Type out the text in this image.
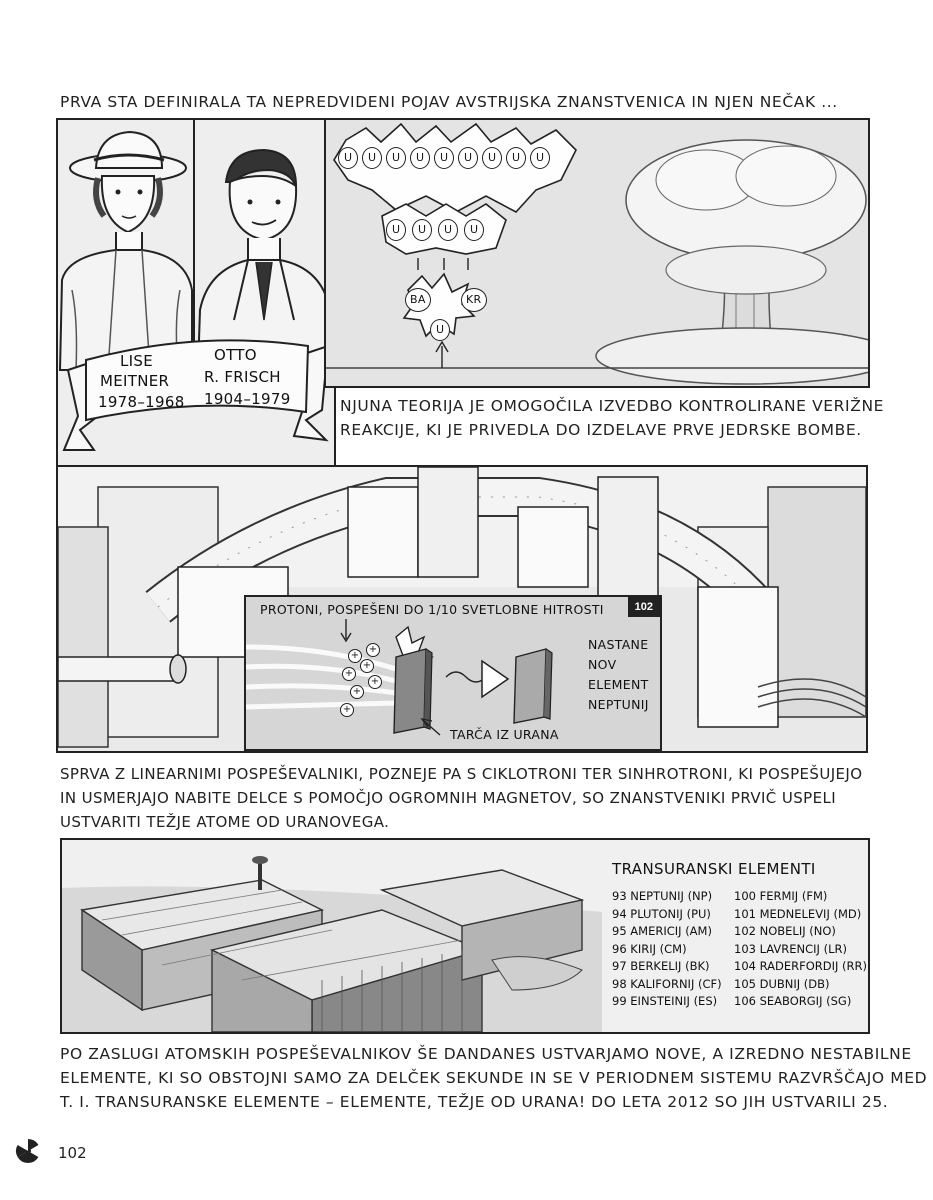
PRVA STA DEFINIRALA TA NEPREDVIDENI POJAV AVSTRIJSKA ZNANSTVENICA IN NJEN NEČAK ...
LISE
MEITNER
1978–1968
OTTO
R. FRISCH
1904–1979
U	U	U	U	U	U	U	U	U
U	U	U	U
U
BA	KR
NJUNA TEORIJA JE OMOGOČILA IZVEDBO KONTROLIRANE VERIŽNE
REAKCIJE, KI JE PRIVEDLA DO IZDELAVE PRVE JEDRSKE BOMBE.
PROTONI, POSPEŠENI DO 1/10 SVETLOBNE HITROSTI	102
+
+
+
+
+
+
+
NASTANE
NOV
ELEMENT
NEPTUNIJ
TARČA IZ URANA
SPRVA Z LINEARNIMI POSPEŠEVALNIKI, POZNEJE PA S CIKLOTRONI TER SINHROTRONI, KI POSPEŠUJEJO
IN USMERJAJO NABITE DELCE S POMOČJO OGROMNIH MAGNETOV, SO ZNANSTVENIKI PRVIČ USPELI
USTVARITI TEŽJE ATOME OD URANOVEGA.
TRANSURANSKI ELEMENTI
93 NEPTUNIJ (NP)
94 PLUTONIJ (PU)
95 AMERICIJ (AM)
96 KIRIJ (CM)
97 BERKELIJ (BK)
98 KALIFORNIJ (CF)
99 EINSTEINIJ (ES)
100 FERMIJ (FM)
101 MEDNELEVIJ (MD)
102 NOBELIJ (NO)
103 LAVRENCIJ (LR)
104 RADERFORDIJ (RR)
105 DUBNIJ (DB)
106 SEABORGIJ (SG)
PO ZASLUGI ATOMSKIH POSPEŠEVALNIKOV ŠE DANDANES USTVARJAMO NOVE, A IZREDNO NESTABILNE
ELEMENTE, KI SO OBSTOJNI SAMO ZA DELČEK SEKUNDE IN SE V PERIODNEM SISTEMU RAZVRŠČAJO MED
T. I. TRANSURANSKE ELEMENTE – ELEMENTE, TEŽJE OD URANA! DO LETA 2012 SO JIH USTVARILI 25.
102
